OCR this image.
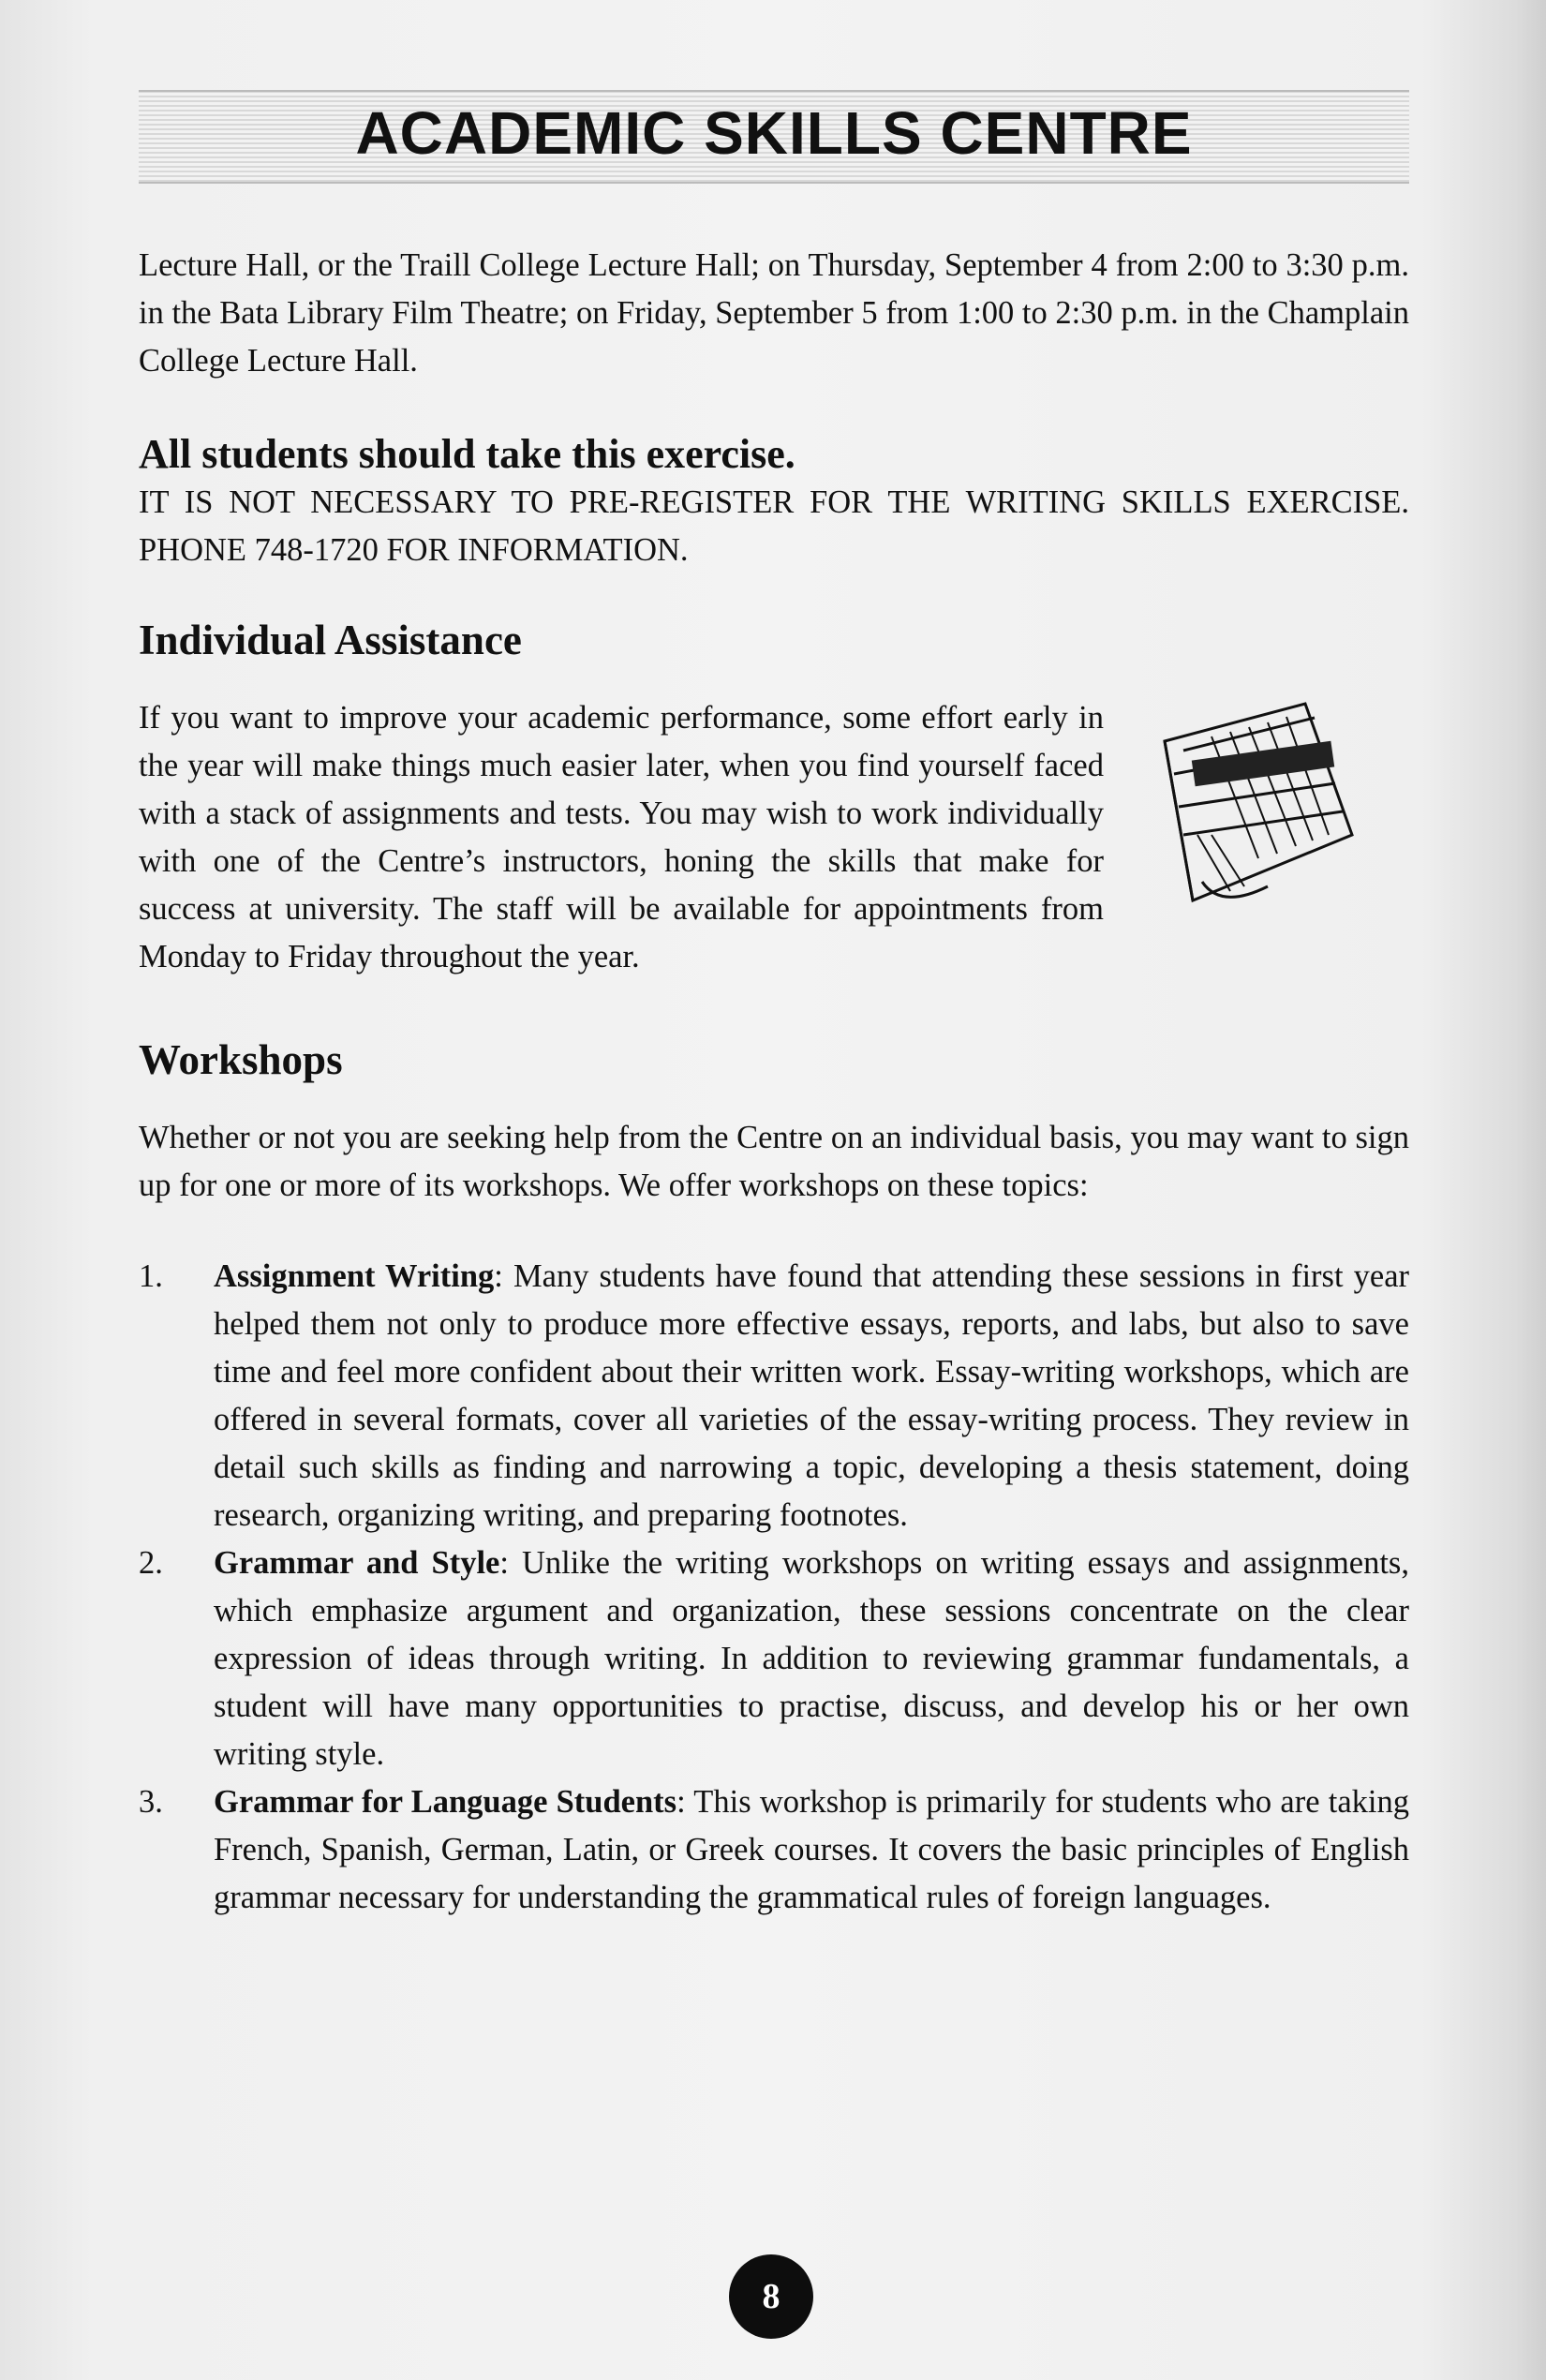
ACADEMIC SKILLS CENTRE

Lecture Hall, or the Traill College Lecture Hall; on Thursday, September 4 from 2:00 to 3:30 p.m. in the Bata Library Film Theatre; on Friday, September 5 from 1:00 to 2:30 p.m. in the Champlain College Lecture Hall.

All students should take this exercise.

IT IS NOT NECESSARY TO PRE-REGISTER FOR THE WRITING SKILLS EXERCISE. PHONE 748-1720 FOR INFORMATION.

Individual Assistance

If you want to improve your academic performance, some effort early in the year will make things much easier later, when you find yourself faced with a stack of assignments and tests. You may wish to work individually with one of the Centre’s instructors, honing the skills that make for success at university. The staff will be available for appointments from Monday to Friday throughout the year.

Workshops

Whether or not you are seeking help from the Centre on an individual basis, you may want to sign up for one or more of its workshops. We offer workshops on these topics:

1. Assignment Writing: Many students have found that attending these sessions in first year helped them not only to produce more effective essays, reports, and labs, but also to save time and feel more confident about their written work. Essay-writing workshops, which are offered in several formats, cover all varieties of the essay-writing process. They review in detail such skills as finding and narrowing a topic, developing a thesis statement, doing research, organizing writing, and preparing footnotes.
2. Grammar and Style: Unlike the writing workshops on writing essays and assignments, which emphasize argument and organization, these sessions concentrate on the clear expression of ideas through writing. In addition to reviewing grammar fundamentals, a student will have many opportunities to practise, discuss, and develop his or her own writing style.
3. Grammar for Language Students: This workshop is primarily for students who are taking French, Spanish, German, Latin, or Greek courses. It covers the basic principles of English grammar necessary for understanding the grammatical rules of foreign languages.
8
